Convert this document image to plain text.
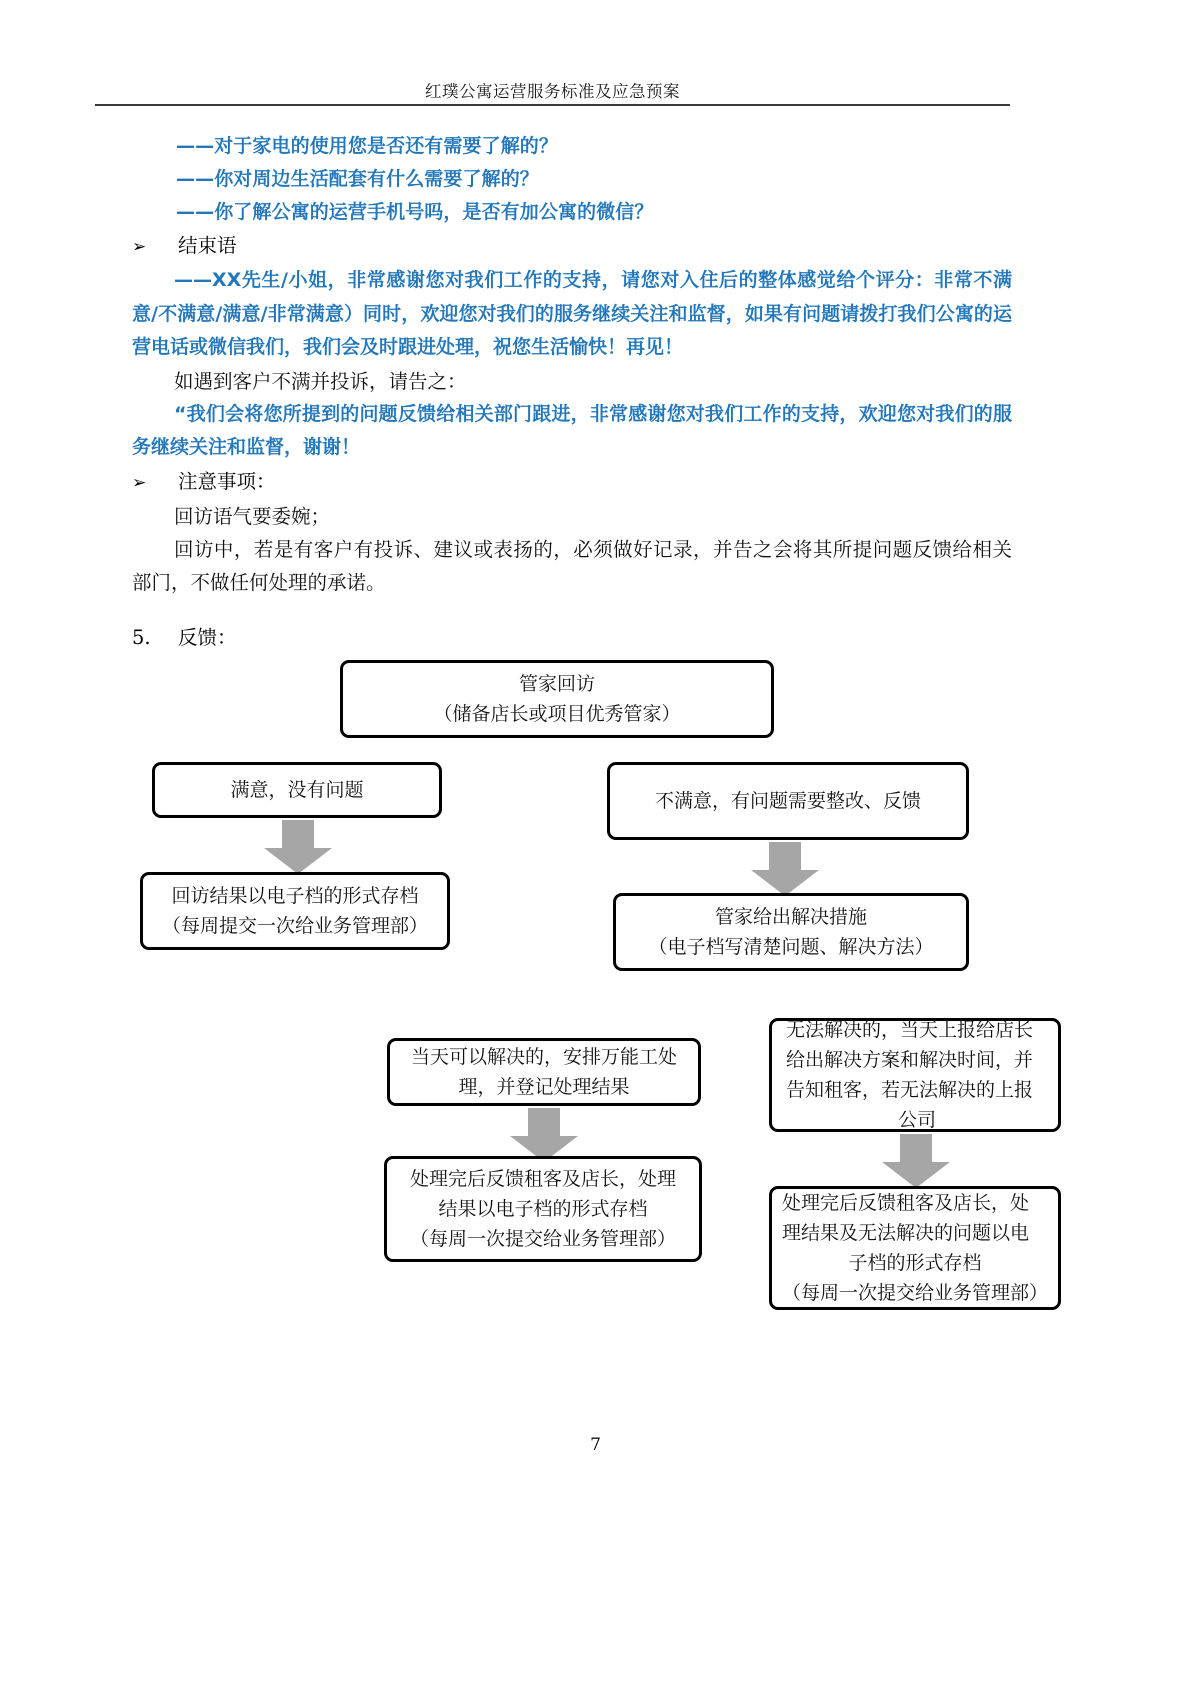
红璞公寓运营服务标准及应急预案
——对于家电的使用您是否还有需要了解的？
——你对周边生活配套有什么需要了解的？
——你了解公寓的运营手机号吗，是否有加公寓的微信？
➢ 结束语
——XX先生/小姐，非常感谢您对我们工作的支持，请您对入住后的整体感觉给个评分：非常不满意/不满意/满意/非常满意）同时，欢迎您对我们的服务继续关注和监督，如果有问题请拨打我们公寓的运营电话或微信我们，我们会及时跟进处理，祝您生活愉快！再见！
如遇到客户不满并投诉，请告之：
“我们会将您所提到的问题反馈给相关部门跟进，非常感谢您对我们工作的支持，欢迎您对我们的服务继续关注和监督，谢谢！
➢ 注意事项：
回访语气要委婉；
回访中，若是有客户有投诉、建议或表扬的，必须做好记录，并告之会将其所提问题反馈给相关部门，不做任何处理的承诺。
5. 反馈：
管家回访
（储备店长或项目优秀管家）
满意，没有问题	不满意，有问题需要整改、反馈
回访结果以电子档的形式存档
（每周提交一次给业务管理部）	管家给出解决措施
（电子档写清楚问题、解决方法）
当天可以解决的，安排万能工处
理，并登记处理结果
无法解决的，当天上报给店长
给出解决方案和解决时间，并
告知租客，若无法解决的上报
公司
处理完后反馈租客及店长，处理
结果以电子档的形式存档
（每周一次提交给业务管理部）
处理完后反馈租客及店长，处
理结果及无法解决的问题以电
子档的形式存档
（每周一次提交给业务管理部）
7
